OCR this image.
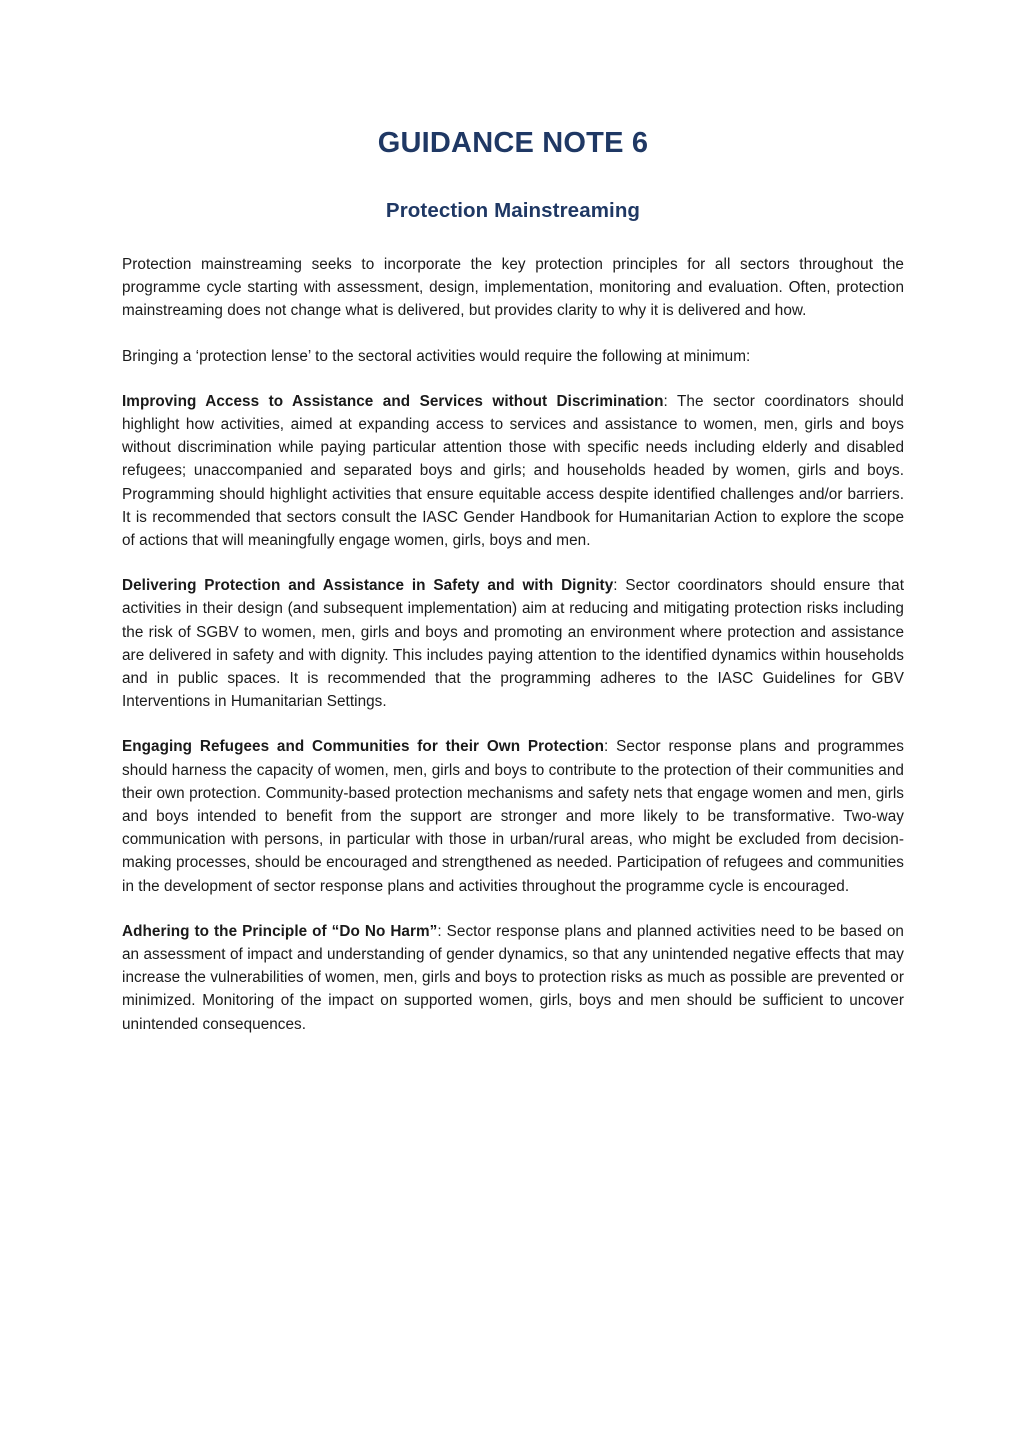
GUIDANCE NOTE 6
Protection Mainstreaming

Protection mainstreaming seeks to incorporate the key protection principles for all sectors throughout the programme cycle starting with assessment, design, implementation, monitoring and evaluation. Often, protection mainstreaming does not change what is delivered, but provides clarity to why it is delivered and how.

Bringing a ‘protection lense’ to the sectoral activities would require the following at minimum:

Improving Access to Assistance and Services without Discrimination: The sector coordinators should highlight how activities, aimed at expanding access to services and assistance to women, men, girls and boys without discrimination while paying particular attention those with specific needs including elderly and disabled refugees; unaccompanied and separated boys and girls; and households headed by women, girls and boys. Programming should highlight activities that ensure equitable access despite identified challenges and/or barriers. It is recommended that sectors consult the IASC Gender Handbook for Humanitarian Action to explore the scope of actions that will meaningfully engage women, girls, boys and men.

Delivering Protection and Assistance in Safety and with Dignity: Sector coordinators should ensure that activities in their design (and subsequent implementation) aim at reducing and mitigating protection risks including the risk of SGBV to women, men, girls and boys and promoting an environment where protection and assistance are delivered in safety and with dignity. This includes paying attention to the identified dynamics within households and in public spaces. It is recommended that the programming adheres to the IASC Guidelines for GBV Interventions in Humanitarian Settings.

Engaging Refugees and Communities for their Own Protection: Sector response plans and programmes should harness the capacity of women, men, girls and boys to contribute to the protection of their communities and their own protection. Community-based protection mechanisms and safety nets that engage women and men, girls and boys intended to benefit from the support are stronger and more likely to be transformative. Two-way communication with persons, in particular with those in urban/rural areas, who might be excluded from decision-making processes, should be encouraged and strengthened as needed. Participation of refugees and communities in the development of sector response plans and activities throughout the programme cycle is encouraged.

Adhering to the Principle of “Do No Harm”: Sector response plans and planned activities need to be based on an assessment of impact and understanding of gender dynamics, so that any unintended negative effects that may increase the vulnerabilities of women, men, girls and boys to protection risks as much as possible are prevented or minimized. Monitoring of the impact on supported women, girls, boys and men should be sufficient to uncover unintended consequences.
